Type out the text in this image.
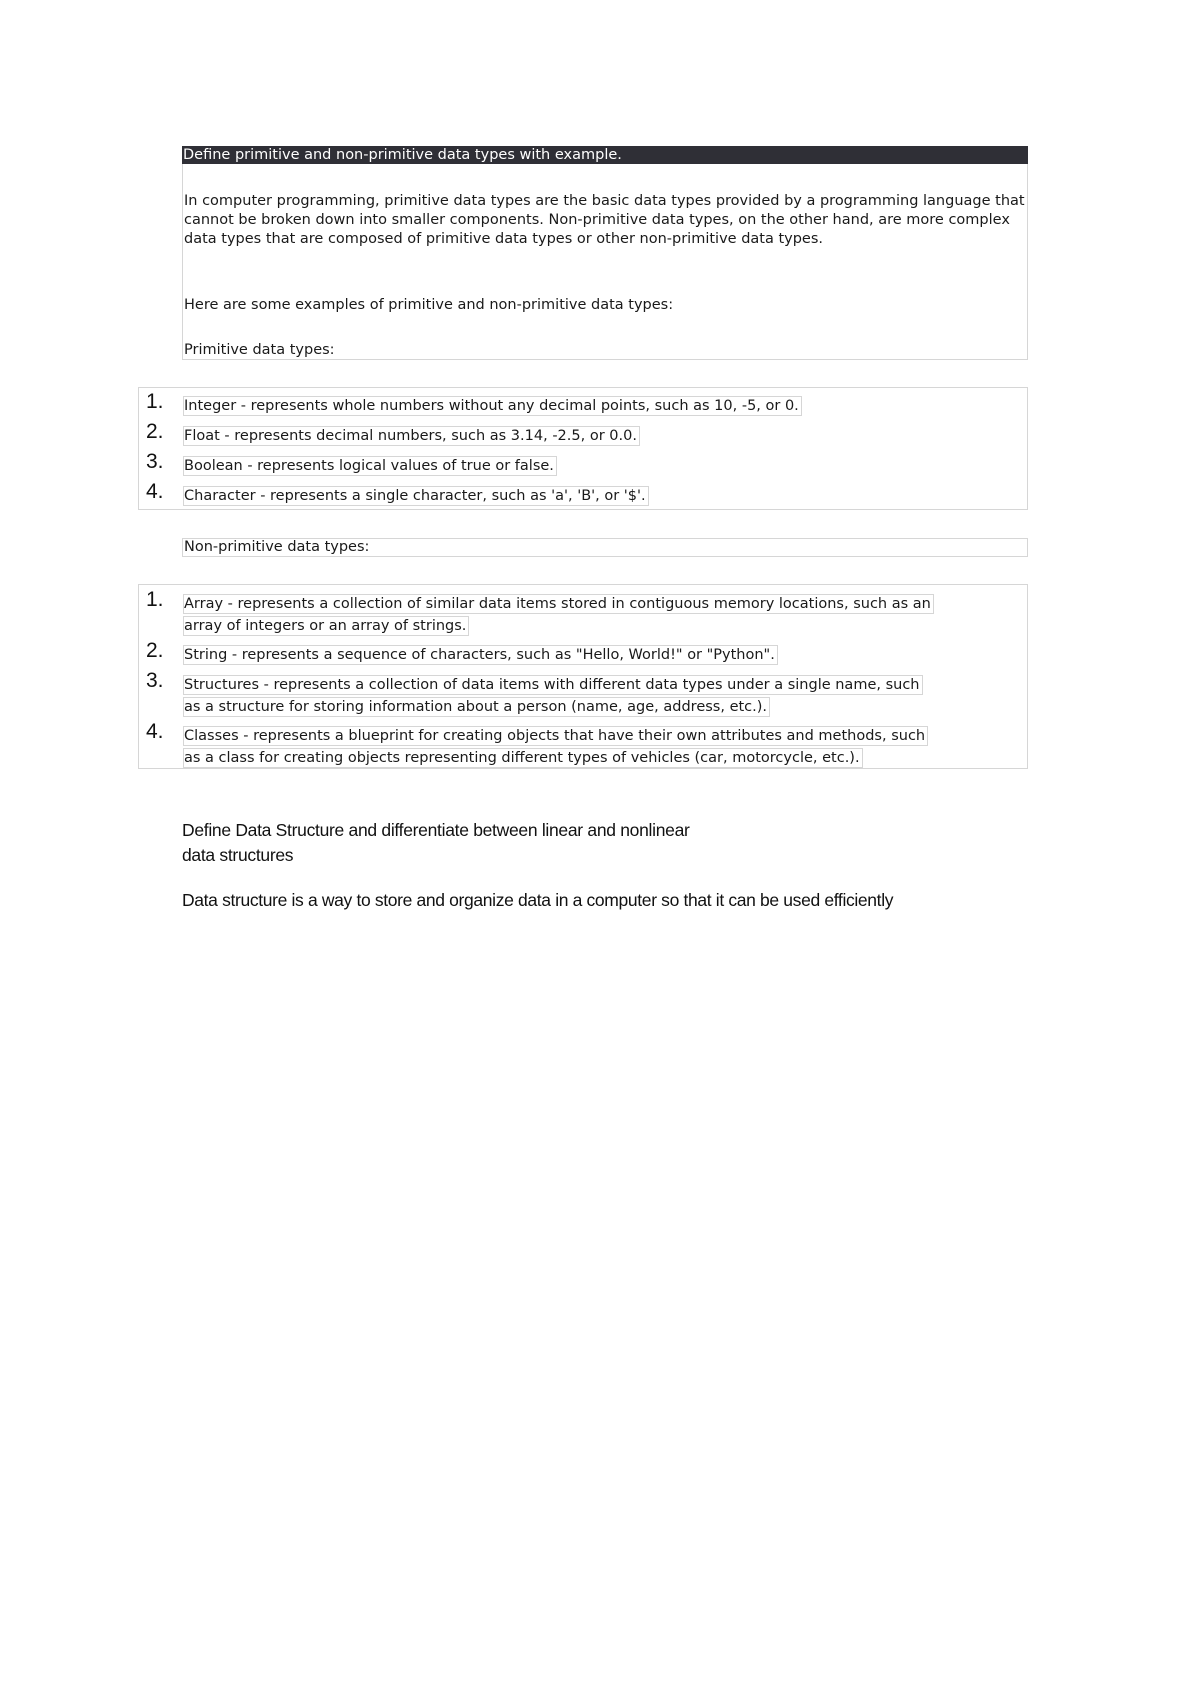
Define primitive and non-primitive data types with example.

In computer programming, primitive data types are the basic data types provided by a programming language that cannot be broken down into smaller components. Non-primitive data types, on the other hand, are more complex data types that are composed of primitive data types or other non-primitive data types.

Here are some examples of primitive and non-primitive data types:

Primitive data types:

1. Integer - represents whole numbers without any decimal points, such as 10, -5, or 0.
2. Float - represents decimal numbers, such as 3.14, -2.5, or 0.0.
3. Boolean - represents logical values of true or false.
4. Character - represents a single character, such as 'a', 'B', or '$'.
Non-primitive data types:
1. Array - represents a collection of similar data items stored in contiguous memory locations, such as an
array of integers or an array of strings.
2. String - represents a sequence of characters, such as "Hello, World!" or "Python".
3. Structures - represents a collection of data items with different data types under a single name, such
as a structure for storing information about a person (name, age, address, etc.).
4. Classes - represents a blueprint for creating objects that have their own attributes and methods, such
as a class for creating objects representing different types of vehicles (car, motorcycle, etc.).
Define Data Structure and differentiate between linear and nonlinear
data structures
Data structure is a way to store and organize data in a computer so that it can be used efficiently
